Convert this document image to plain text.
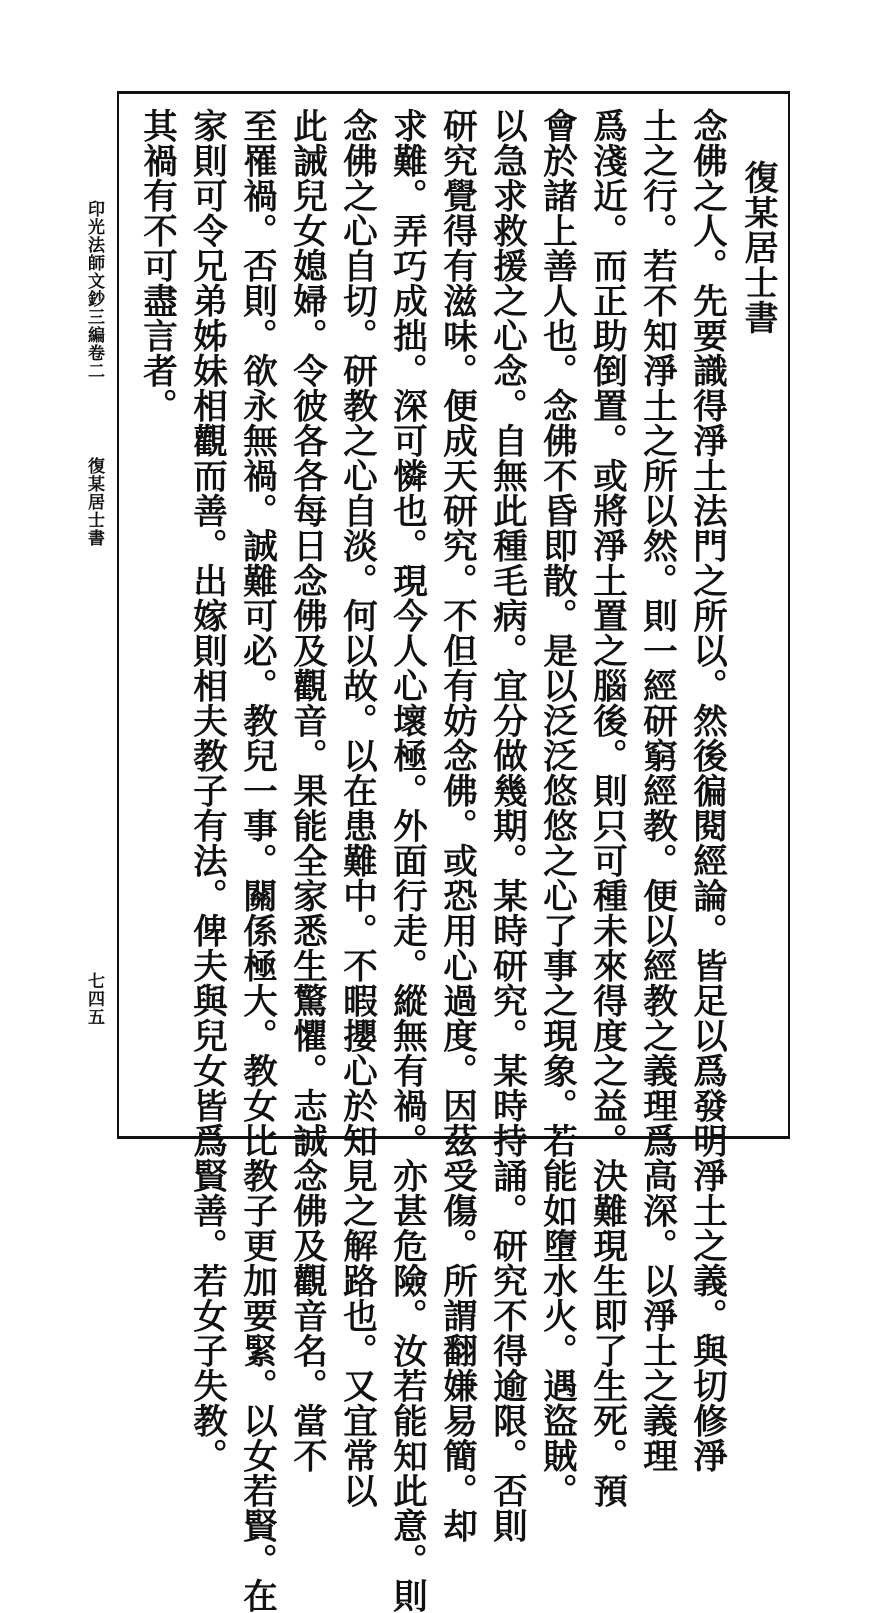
印光法師文鈔三編卷二
復某居士書
七四五
復某居士書
念佛之人。先要識得淨土法門之所以。然後徧閱經論。皆足以爲發明淨土之義。與切修淨
土之行。若不知淨土之所以然。則一經研窮經教。便以經教之義理爲高深。以淨土之義理
爲淺近。而正助倒置。或將淨土置之腦後。則只可種未來得度之益。決難現生即了生死。預
會於諸上善人也。念佛不昏即散。是以泛泛悠悠之心了事之現象。若能如墮水火。遇盜賊。
以急求救援之心念。自無此種毛病。宜分做幾期。某時研究。某時持誦。研究不得逾限。否則
研究覺得有滋味。便成天研究。不但有妨念佛。或恐用心過度。因茲受傷。所謂翻嫌易簡。却
求難。弄巧成拙。深可憐也。現今人心壞極。外面行走。縱無有禍。亦甚危險。汝若能知此意。則
念佛之心自切。研教之心自淡。何以故。以在患難中。不暇攖心於知見之解路也。又宜常以
此誡兒女媳婦。令彼各各每日念佛及觀音。果能全家悉生驚懼。志誠念佛及觀音名。當不
至罹禍。否則。欲永無禍。誠難可必。教兒一事。關係極大。教女比教子更加要緊。以女若賢。在
家則可令兄弟姊妹相觀而善。出嫁則相夫教子有法。俾夫與兒女皆爲賢善。若女子失教。
其禍有不可盡言者。
